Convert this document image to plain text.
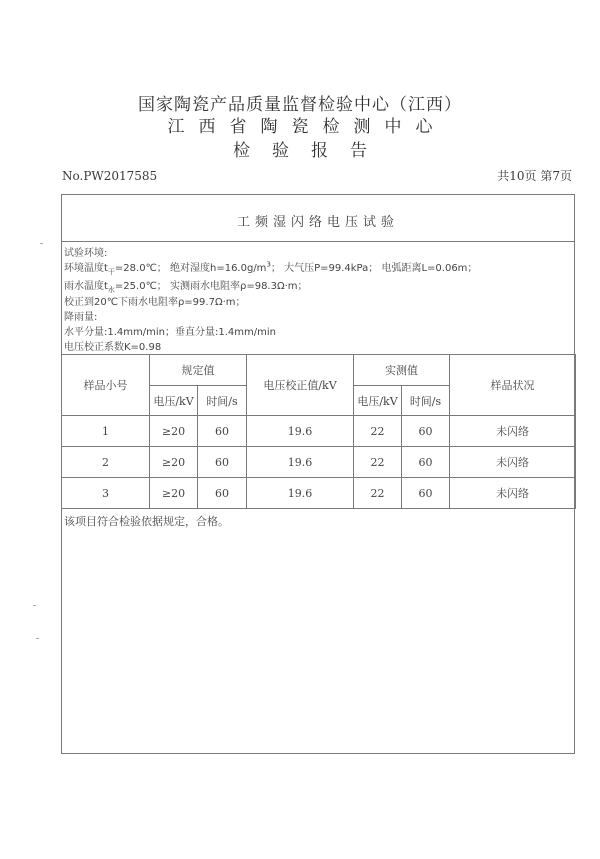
国家陶瓷产品质量监督检验中心（江西）
江西省陶瓷检测中心
检验报告
No.PW2017585	共10页 第7页
工频湿闪络电压试验
试验环境:
环境温度$t_干=28.0℃$； 绝对湿度$h=16.0g/m^3$； 大气压P=99.4kPa； 电弧距离L=0.06m；
雨水温度$t_水=25.0℃$； 实测雨水电阻率ρ=98.3Ω·m；
校正到20℃下雨水电阻率ρ=99.7Ω·m；
降雨量:
水平分量:1.4mm/min；垂直分量:1.4mm/min
电压校正系数K=0.98
样品小号	规定值		电压校正值/kV	实测值		样品状况
	电压/kV	时间/s		电压/kV	时间/s	
1	≥20	60	19.6	22	60	未闪络
2	≥20	60	19.6	22	60	未闪络
3	≥20	60	19.6	22	60	未闪络
该项目符合检验依据规定，合格。
